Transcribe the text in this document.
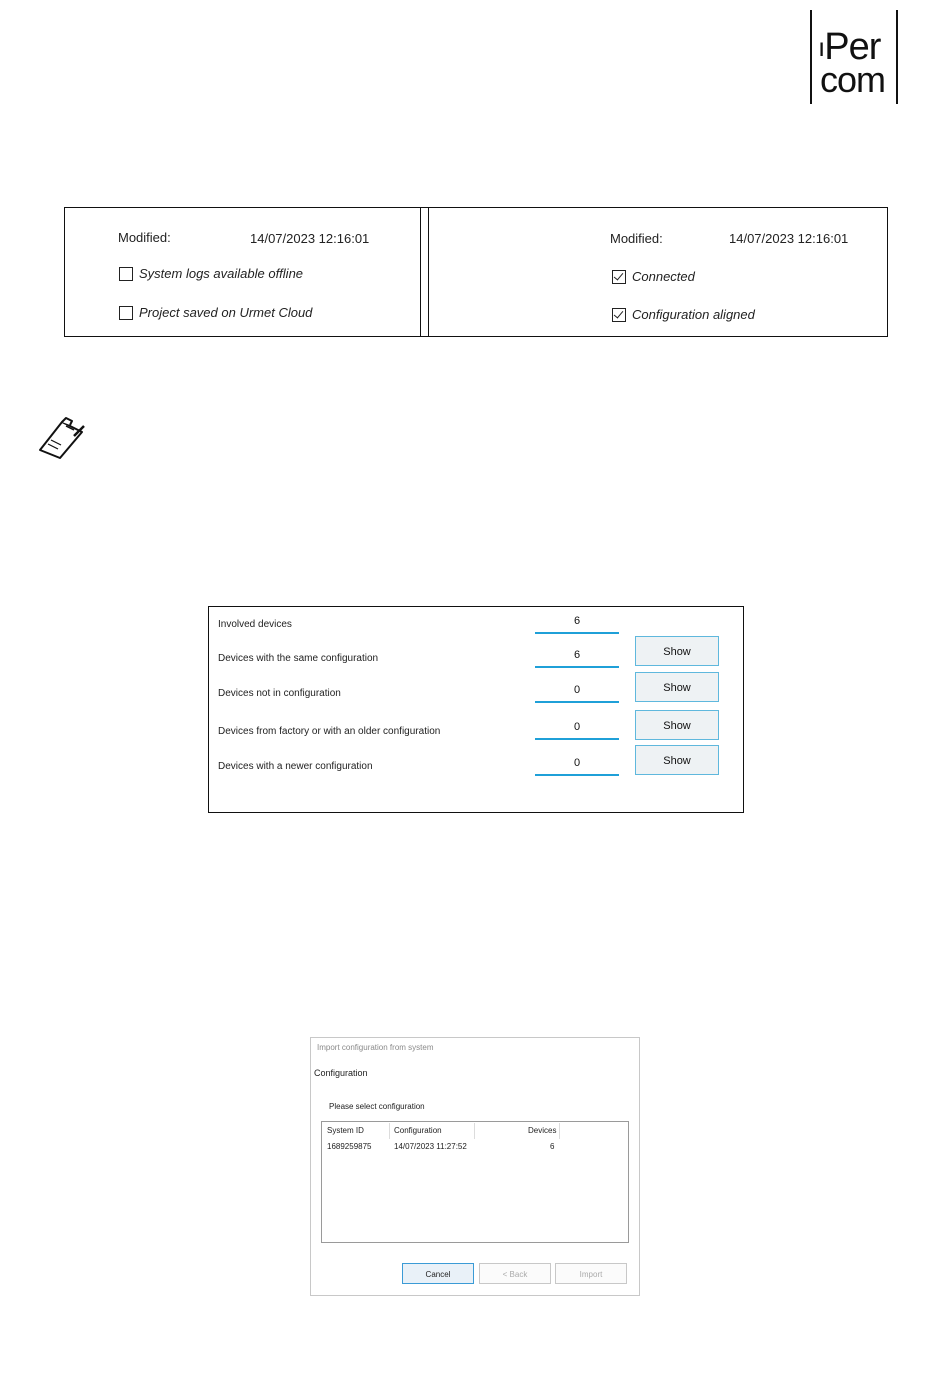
$^ı$Per
com
Modified:	14/07/2023 12:16:01
System logs available offline
Project saved on Urmet Cloud
Modified:	14/07/2023 12:16:01
Connected
Configuration aligned
Involved devices	6
Devices with the same configuration	6	Show
Devices not in configuration	0	Show
Devices from factory or with an older configuration	0	Show
Devices with a newer configuration	0	Show
Import configuration from system
Configuration
Please select configuration
System ID	Configuration	Devices
1689259875	14/07/2023 11:27:52	6
Cancel	< Back	Import
